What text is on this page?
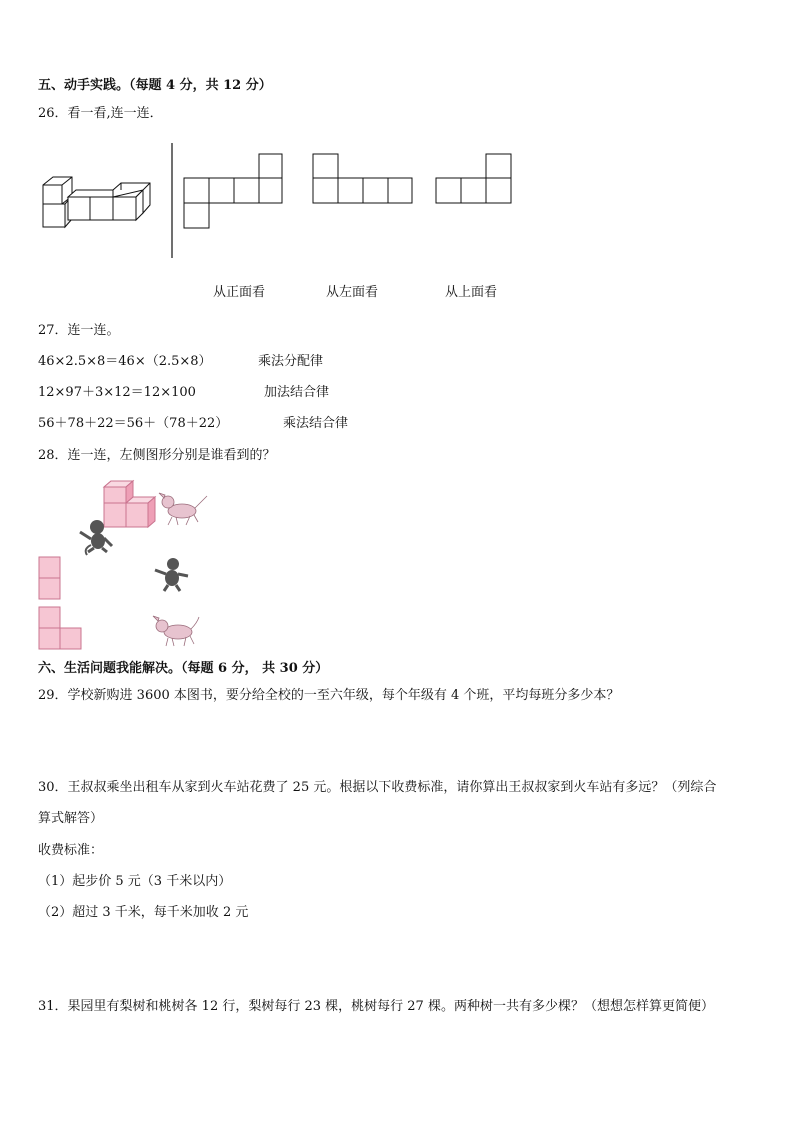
五、动手实践。（每题 4 分，共 12 分）
26．看一看,连一连．
从正面看	从左面看	从上面看
27．连一连。
46×2.5×8＝46×（2.5×8）
12×97＋3×12＝12×100
56＋78＋22＝56＋（78＋22）
乘法分配律
加法结合律
乘法结合律
28．连一连，左侧图形分别是谁看到的？
六、生活问题我能解决。（每题 6 分， 共 30 分）
29．学校新购进 3600 本图书，要分给全校的一至六年级，每个年级有 4 个班，平均每班分多少本？
30．王叔叔乘坐出租车从家到火车站花费了 25 元。根据以下收费标准，请你算出王叔叔家到火车站有多远？（列综合
算式解答）
收费标准：
（1）起步价 5 元（3 千米以内）
（2）超过 3 千米，每千米加收 2 元
31．果园里有梨树和桃树各 12 行，梨树每行 23 棵，桃树每行 27 棵。两种树一共有多少棵？（想想怎样算更简便）
